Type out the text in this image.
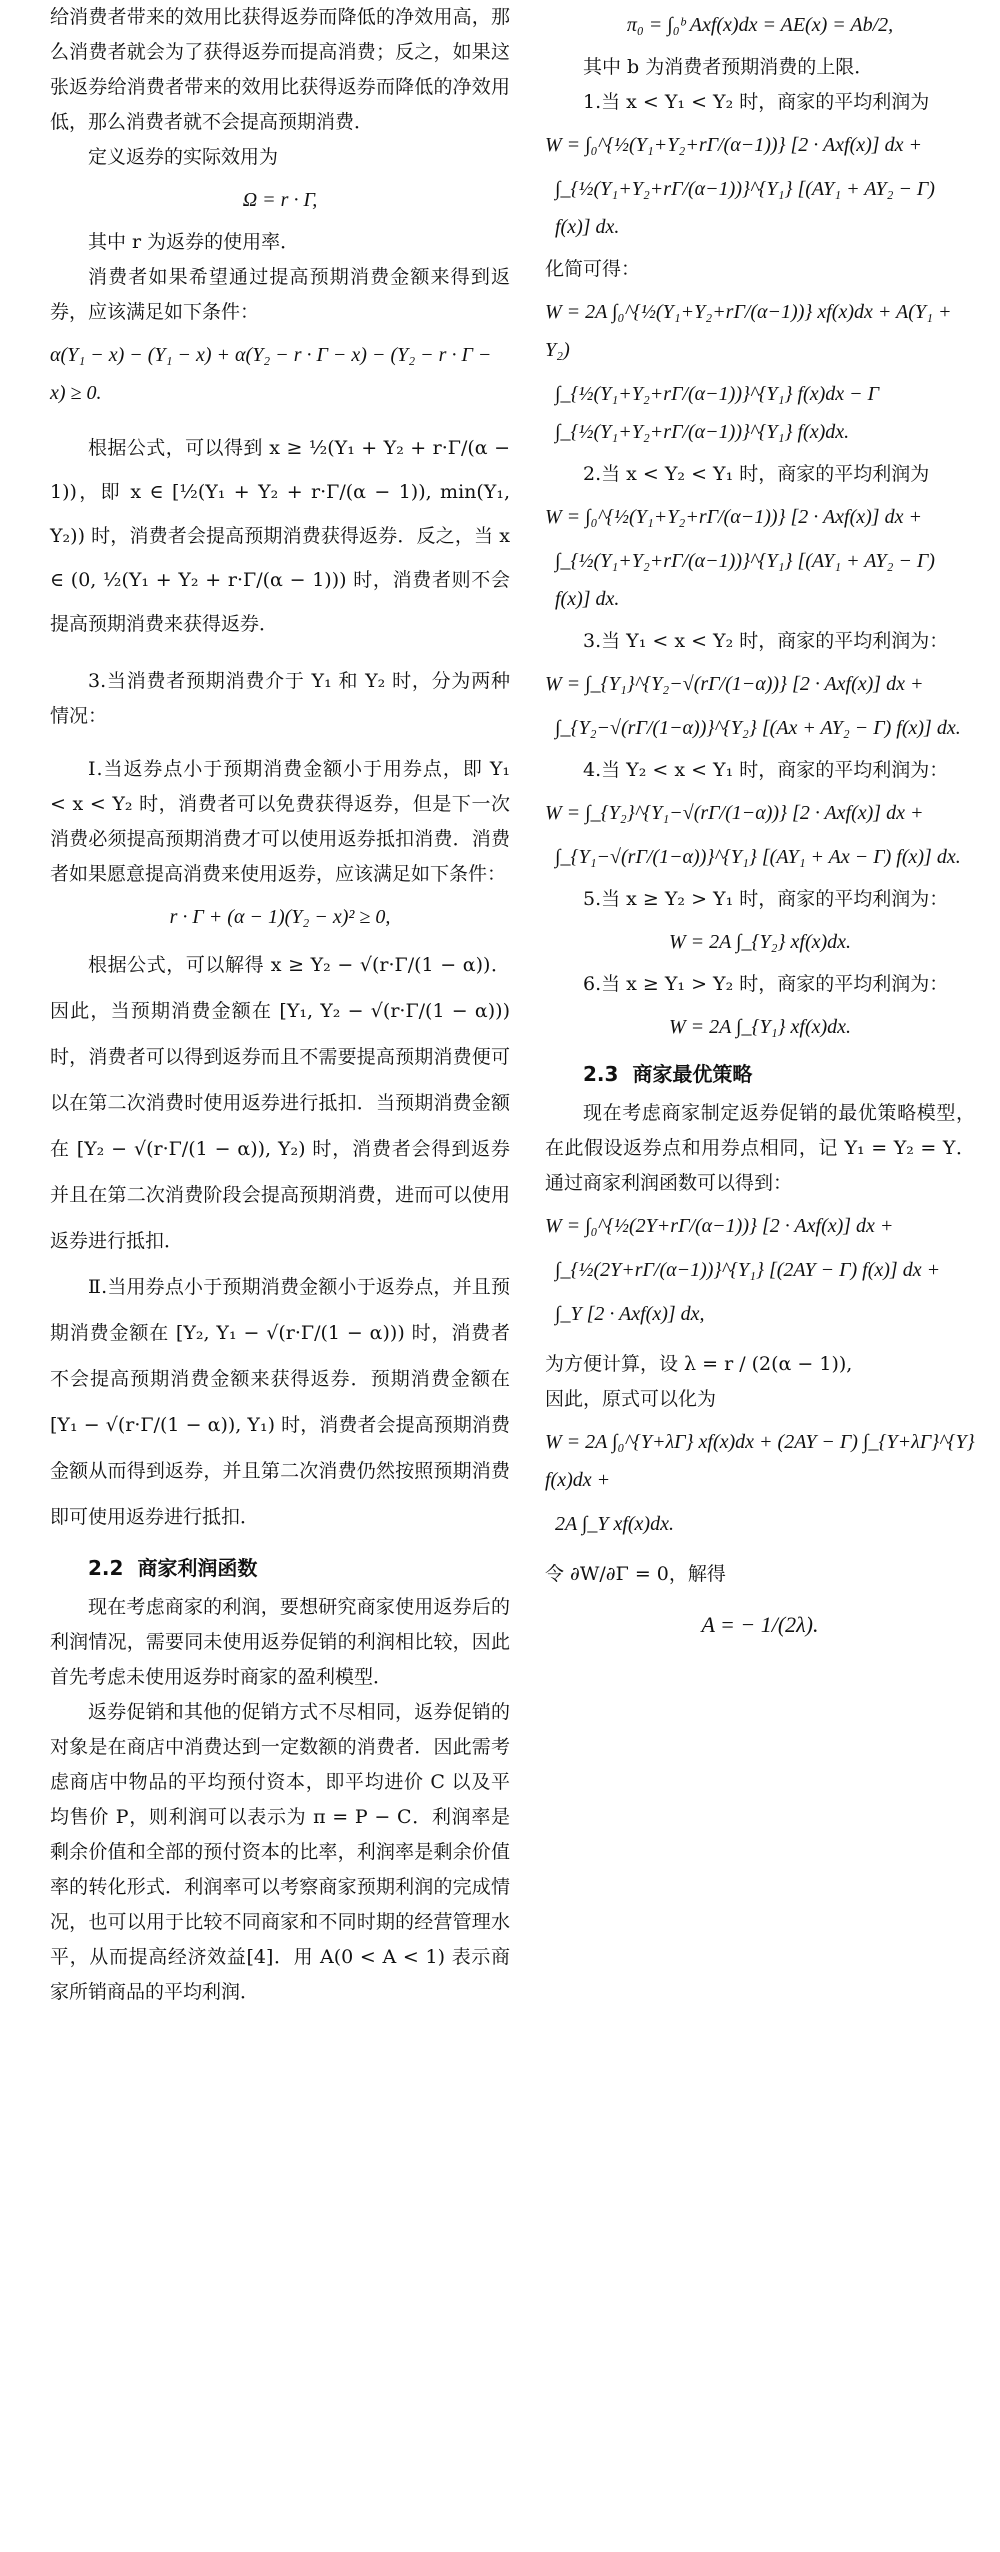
给消费者带来的效用比获得返券而降低的净效用高，那么消费者就会为了获得返券而提高消费；反之，如果这张返券给消费者带来的效用比获得返券而降低的净效用低，那么消费者就不会提高预期消费．

定义返券的实际效用为

Ω = r · Γ,

其中 r 为返券的使用率．

消费者如果希望通过提高预期消费金额来得到返券，应该满足如下条件：

α(Y₁ − x) − (Y₁ − x) + α(Y₂ − r · Γ − x) − (Y₂ − r · Γ − x) ≥ 0.

根据公式，可以得到 x ≥ ½(Y₁ + Y₂ + r·Γ/(α − 1))，即 x ∈ [½(Y₁ + Y₂ + r·Γ/(α − 1)), min(Y₁, Y₂)) 时，消费者会提高预期消费获得返券．反之，当 x ∈ (0, ½(Y₁ + Y₂ + r·Γ/(α − 1))) 时，消费者则不会提高预期消费来获得返券．

3.当消费者预期消费介于 Y₁ 和 Y₂ 时，分为两种情况：

Ⅰ.当返券点小于预期消费金额小于用券点，即 Y₁ < x < Y₂ 时，消费者可以免费获得返券，但是下一次消费必须提高预期消费才可以使用返券抵扣消费．消费者如果愿意提高消费来使用返券，应该满足如下条件：

r · Γ + (α − 1)(Y₂ − x)² ≥ 0,

根据公式，可以解得 x ≥ Y₂ − √(r·Γ/(1 − α))．因此，当预期消费金额在 [Y₁, Y₂ − √(r·Γ/(1 − α))) 时，消费者可以得到返券而且不需要提高预期消费便可以在第二次消费时使用返券进行抵扣．当预期消费金额在 [Y₂ − √(r·Γ/(1 − α)), Y₂) 时，消费者会得到返券并且在第二次消费阶段会提高预期消费，进而可以使用返券进行抵扣．

Ⅱ.当用券点小于预期消费金额小于返券点，并且预期消费金额在 [Y₂, Y₁ − √(r·Γ/(1 − α))) 时，消费者不会提高预期消费金额来获得返券．预期消费金额在 [Y₁ − √(r·Γ/(1 − α)), Y₁) 时，消费者会提高预期消费金额从而得到返券，并且第二次消费仍然按照预期消费即可使用返券进行抵扣．

2.2 商家利润函数

现在考虑商家的利润，要想研究商家使用返券后的利润情况，需要同未使用返券促销的利润相比较，因此首先考虑未使用返券时商家的盈利模型．

返券促销和其他的促销方式不尽相同，返券促销的对象是在商店中消费达到一定数额的消费者．因此需考虑商店中物品的平均预付资本，即平均进价 C 以及平均售价 P，则利润可以表示为 π = P − C．利润率是剩余价值和全部的预付资本的比率，利润率是剩余价值率的转化形式．利润率可以考察商家预期利润的完成情况，也可以用于比较不同商家和不同时期的经营管理水平，从而提高经济效益[4]．用 A(0 < A < 1) 表示商家所销商品的平均利润．

π₀ = ∫₀ᵇ Axf(x)dx = AE(x) = Ab/2,

其中 b 为消费者预期消费的上限．

1.当 x < Y₁ < Y₂ 时，商家的平均利润为

W = ∫₀^{½(Y₁+Y₂+rΓ/(α−1))} [2 · Axf(x)] dx +
∫_{½(Y₁+Y₂+rΓ/(α−1))}^{Y₁} [(AY₁ + AY₂ − Γ) f(x)] dx.

化简可得：

W = 2A ∫₀^{½(Y₁+Y₂+rΓ/(α−1))} xf(x)dx + A(Y₁ + Y₂)
∫_{½(Y₁+Y₂+rΓ/(α−1))}^{Y₁} f(x)dx − Γ ∫_{½(Y₁+Y₂+rΓ/(α−1))}^{Y₁} f(x)dx.

2.当 x < Y₂ < Y₁ 时，商家的平均利润为

W = ∫₀^{½(Y₁+Y₂+rΓ/(α−1))} [2 · Axf(x)] dx +
∫_{½(Y₁+Y₂+rΓ/(α−1))}^{Y₁} [(AY₁ + AY₂ − Γ) f(x)] dx.

3.当 Y₁ < x < Y₂ 时，商家的平均利润为：

W = ∫_{Y₁}^{Y₂−√(rΓ/(1−α))} [2 · Axf(x)] dx +
∫_{Y₂−√(rΓ/(1−α))}^{Y₂} [(Ax + AY₂ − Γ) f(x)] dx.

4.当 Y₂ < x < Y₁ 时，商家的平均利润为：

W = ∫_{Y₂}^{Y₁−√(rΓ/(1−α))} [2 · Axf(x)] dx +
∫_{Y₁−√(rΓ/(1−α))}^{Y₁} [(AY₁ + Ax − Γ) f(x)] dx.

5.当 x ≥ Y₂ > Y₁ 时，商家的平均利润为：

W = 2A ∫_{Y₂} xf(x)dx.

6.当 x ≥ Y₁ > Y₂ 时，商家的平均利润为：

W = 2A ∫_{Y₁} xf(x)dx.
2.3 商家最优策略

现在考虑商家制定返券促销的最优策略模型，在此假设返券点和用券点相同，记 Y₁ = Y₂ = Y．通过商家利润函数可以得到：

W = ∫₀^{½(2Y+rΓ/(α−1))} [2 · Axf(x)] dx +
∫_{½(2Y+rΓ/(α−1))}^{Y₁} [(2AY − Γ) f(x)] dx +
∫_Y [2 · Axf(x)] dx,

为方便计算，设 λ = r / (2(α − 1)),

因此，原式可以化为

W = 2A ∫₀^{Y+λΓ} xf(x)dx + (2AY − Γ) ∫_{Y+λΓ}^{Y} f(x)dx +
2A ∫_Y xf(x)dx.

令 ∂W/∂Γ = 0，解得

A = − 1/(2λ).
